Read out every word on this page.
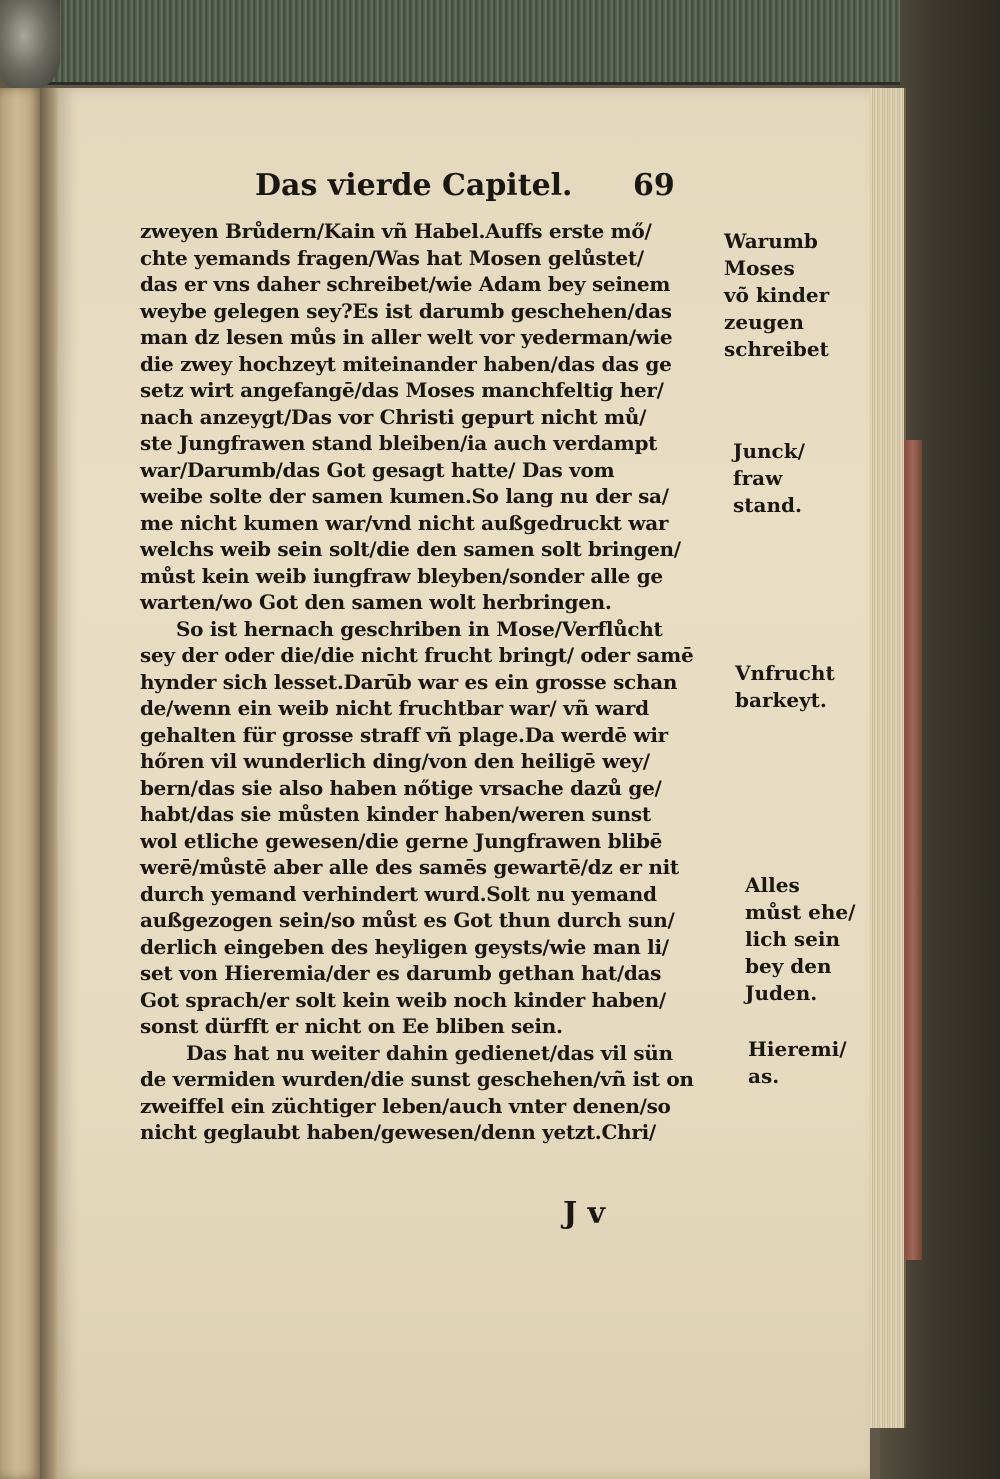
Das vierde Capitel. 69
zweyen Brůdern/Kain vñ Habel.Auffs erste mő/
chte yemands fragen/Was hat Mosen gelůstet/
das er vns daher schreibet/wie Adam bey seinem
weybe gelegen sey?Es ist darumb geschehen/das
man dz lesen můs in aller welt vor yederman/wie
die zwey hochzeyt miteinander haben/das das ge
setz wirt angefangē/das Moses manchfeltig her/
nach anzeygt/Das vor Christi gepurt nicht mů/
ste Jungfrawen stand bleiben/ia auch verdampt
war/Darumb/das Got gesagt hatte/ Das vom
weibe solte der samen kumen.So lang nu der sa/
me nicht kumen war/vnd nicht außgedruckt war
welchs weib sein solt/die den samen solt bringen/
můst kein weib iungfraw bleyben/sonder alle ge
warten/wo Got den samen wolt herbringen.
So ist hernach geschriben in Mose/Verflůcht
sey der oder die/die nicht frucht bringt/ oder samē
hynder sich lesset.Darūb war es ein grosse schan
de/wenn ein weib nicht fruchtbar war/ vñ ward
gehalten für grosse straff vñ plage.Da werdē wir
hőren vil wunderlich ding/von den heiligē wey/
bern/das sie also haben nőtige vrsache dazů ge/
habt/das sie můsten kinder haben/weren sunst
wol etliche gewesen/die gerne Jungfrawen blibē
werē/můstē aber alle des samēs gewartē/dz er nit
durch yemand verhindert wurd.Solt nu yemand
außgezogen sein/so můst es Got thun durch sun/
derlich eingeben des heyligen geysts/wie man li/
set von Hieremia/der es darumb gethan hat/das
Got sprach/er solt kein weib noch kinder haben/
sonst dürfft er nicht on Ee bliben sein.
Das hat nu weiter dahin gedienet/das vil sün
de vermiden wurden/die sunst geschehen/vñ ist on
zweiffel ein züchtiger leben/auch vnter denen/so
nicht geglaubt haben/gewesen/denn yetzt.Chri/
Warumb
Moses
võ kinder
zeugen
schreibet
Junck/
fraw
stand.
Vnfrucht
barkeyt.
Alles
můst ehe/
lich sein
bey den
Juden.
Hieremi/
as.
J v
